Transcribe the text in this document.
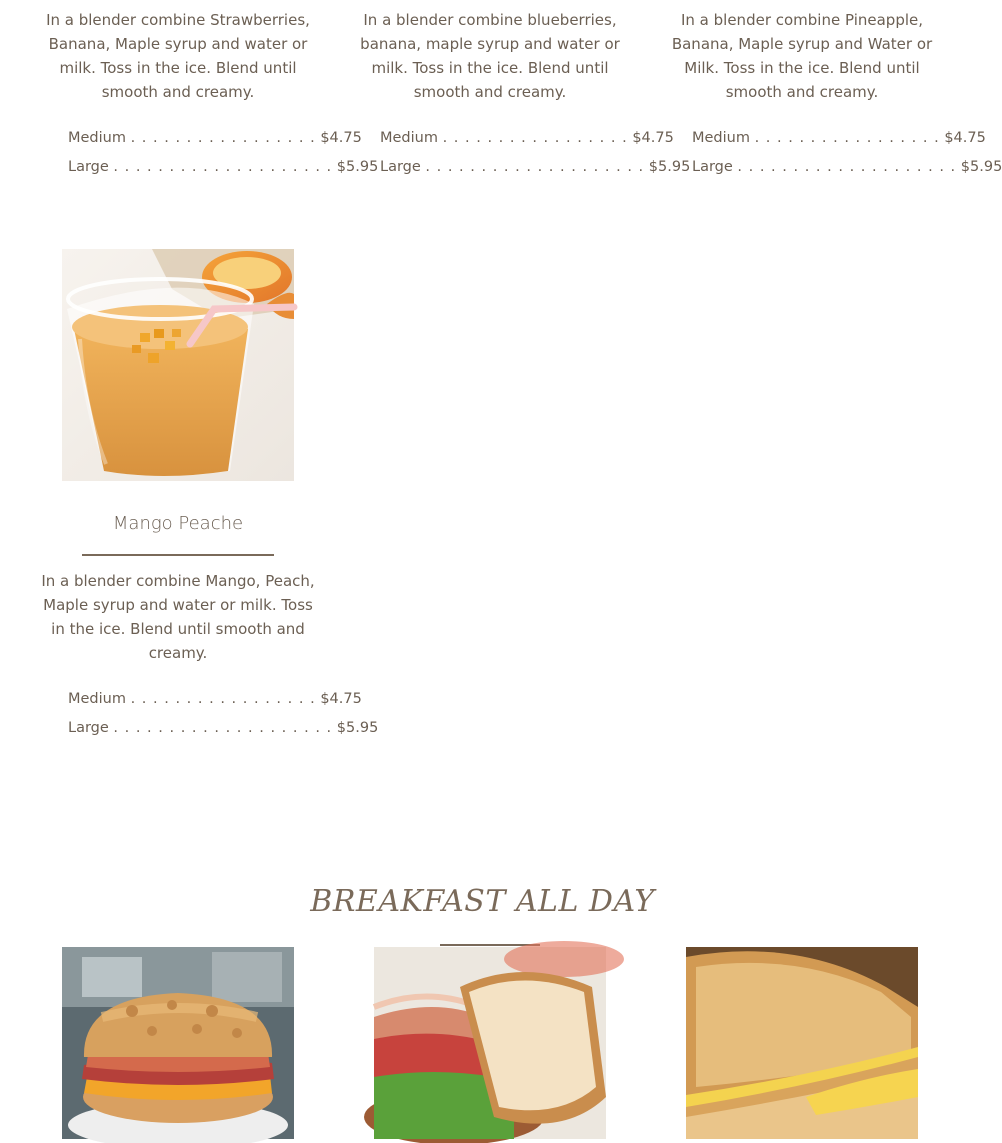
In a blender combine Strawberries, Banana, Maple syrup and water or milk. Toss in the ice. Blend until smooth and creamy.

Medium . . . . . . . . . . . . . . . . . $4.75
Large . . . . . . . . . . . . . . . . . . . . $5.95

In a blender combine blueberries, banana, maple syrup and water or milk. Toss in the ice. Blend until smooth and creamy.

Medium . . . . . . . . . . . . . . . . . $4.75
Large . . . . . . . . . . . . . . . . . . . . $5.95

In a blender combine Pineapple, Banana, Maple syrup and Water or Milk. Toss in the ice. Blend until smooth and creamy.

Medium . . . . . . . . . . . . . . . . . $4.75
Large . . . . . . . . . . . . . . . . . . . . $5.95
Mango Peache

In a blender combine Mango, Peach, Maple syrup and water or milk. Toss in the ice. Blend until smooth and creamy.

Medium . . . . . . . . . . . . . . . . . $4.75
Large . . . . . . . . . . . . . . . . . . . . $5.95
BREAKFAST ALL DAY
